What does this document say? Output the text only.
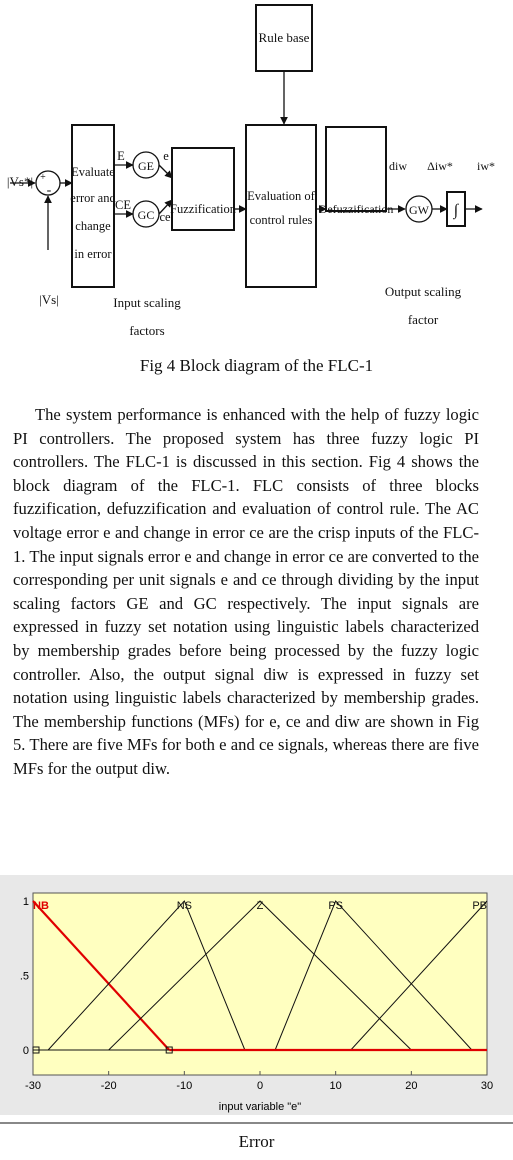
Rule base
|Vs*|
|Vs|
+
-
Evaluate
error and
change
in error
E
CE
GE
GC
e
ce
Fuzzification
Evaluation of
control rules
Defuzzification
diw
GW
Δiw* iw*
∫
Input scaling
factors
Output scaling
factor
Fig 4 Block diagram of the FLC-1

The system performance is enhanced with the help of fuzzy logic PI controllers. The proposed system has three fuzzy logic PI controllers. The FLC-1 is discussed in this section. Fig 4 shows the block diagram of the FLC-1. FLC consists of three blocks fuzzification, defuzzification and evaluation of control rule. The AC voltage error e and change in error ce are the crisp inputs of the FLC-1. The input signals error e and change in error ce are converted to the corresponding per unit signals e and ce through dividing by the input scaling factors GE and GC respectively. The input signals are expressed in fuzzy set notation using linguistic labels characterized by membership grades before being processed by the fuzzy logic controller. Also, the output signal diw is expressed in fuzzy set notation using linguistic labels characterized by membership grades. The membership functions (MFs) for e, ce and diw are shown in Fig 5. There are five MFs for both e and ce signals, whereas there are five MFs for the output diw.

NB	NS	Z	PS	PB
-30	-20	-10	0	10	20	30
0
.5
1
input variable "e"
Error
